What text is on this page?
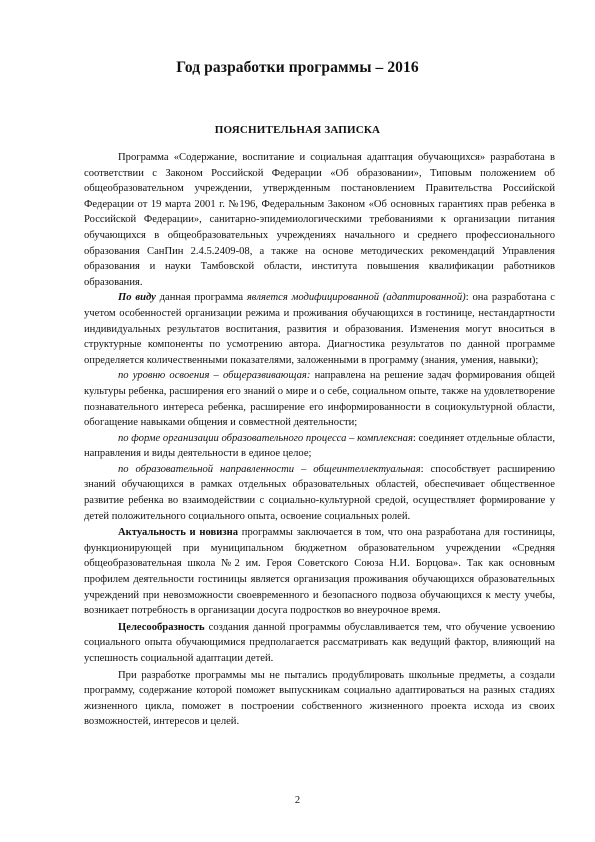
Год разработки программы – 2016
ПОЯСНИТЕЛЬНАЯ ЗАПИСКА

Программа «Содержание, воспитание и социальная адаптация обучающихся» разработана в соответствии с Законом Российской Федерации «Об образовании», Типовым положением об общеобразовательном учреждении, утвержденным постановлением Правительства Российской Федерации от 19 марта 2001 г. №196, Федеральным Законом «Об основных гарантиях прав ребенка в Российской Федерации», санитарно-эпидемиологическими требованиями к организации питания обучающихся в общеобразовательных учреждениях начального и среднего профессионального образования СанПин 2.4.5.2409-08, а также на основе методических рекомендаций Управления образования и науки Тамбовской области, института повышения квалификации работников образования.

По виду данная программа является модифицированной (адаптированной): она разработана с учетом особенностей организации режима и проживания обучающихся в гостинице, нестандартности индивидуальных результатов воспитания, развития и образования. Изменения могут вноситься в структурные компоненты по усмотрению автора. Диагностика результатов по данной программе определяется количественными показателями, заложенными в программу (знания, умения, навыки);

по уровню освоения – общеразвивающая: направлена на решение задач формирования общей культуры ребенка, расширения его знаний о мире и о себе, социальном опыте, также на удовлетворение познавательного интереса ребенка, расширение его информированности в социокультурной области, обогащение навыками общения и совместной деятельности;

по форме организации образовательного процесса – комплексная: соединяет отдельные области, направления и виды деятельности в единое целое;

по образовательной направленности – общеинтеллектуальная: способствует расширению знаний обучающихся в рамках отдельных образовательных областей, обеспечивает общественное развитие ребенка во взаимодействии с социально-культурной средой, осуществляет формирование у детей положительного социального опыта, освоение социальных ролей.

Актуальность и новизна программы заключается в том, что она разработана для гостиницы, функционирующей при муниципальном бюджетном образовательном учреждении «Средняя общеобразовательная школа №2 им. Героя Советского Союза Н.И. Борцова». Так как основным профилем деятельности гостиницы является организация проживания обучающихся образовательных учреждений при невозможности своевременного и безопасного подвоза обучающихся к месту учебы, возникает потребность в организации досуга подростков во внеурочное время.

Целесообразность создания данной программы обуславливается тем, что обучение усвоению социального опыта обучающимися предполагается рассматривать как ведущий фактор, влияющий на успешность социальной адаптации детей.

При разработке программы мы не пытались продублировать школьные предметы, а создали программу, содержание которой поможет выпускникам социально адаптироваться на разных стадиях жизненного цикла, поможет в построении собственного жизненного проекта исхода из своих возможностей, интересов и целей.

2
